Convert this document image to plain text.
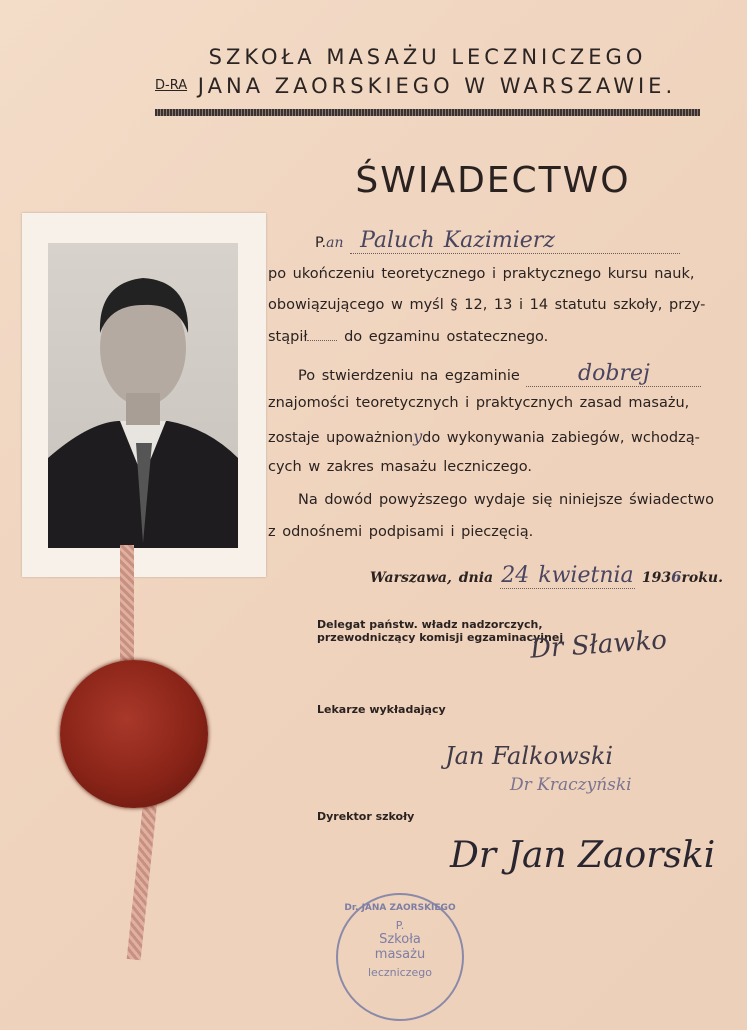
SZKOŁA MASAŻU LECZNICZEGO
D-RA JANA ZAORSKIEGO W WARSZAWIE.
ŚWIADECTWO
P.an Paluch Kazimierz
po ukończeniu teoretycznego i praktycznego kursu nauk,
obowiązującego w myśl § 12, 13 i 14 statutu szkoły, przy-
stąpił	do egzaminu ostatecznego.
Po stwierdzeniu na egzaminie	dobrej
znajomości teoretycznych i praktycznych zasad masażu,
zostaje upoważnionydo wykonywania zabiegów, wchodzą-
cych w zakres masażu leczniczego.
Na dowód powyższego wydaje się niniejsze świadectwo
z odnośnemi podpisami i pieczęcią.
Warszawa, dnia 24 kwietnia 1936roku.
Delegat państw. władz nadzorczych,
przewodniczący komisji egzaminacyjnej
Dr Sławko
Lekarze wykładający
Jan Falkowski
Dr Kraczyński
Dyrektor szkoły
Dr Jan Zaorski
Dr. JANA ZAORSKIEGO
P.
Szkoła
masażu
leczniczego
